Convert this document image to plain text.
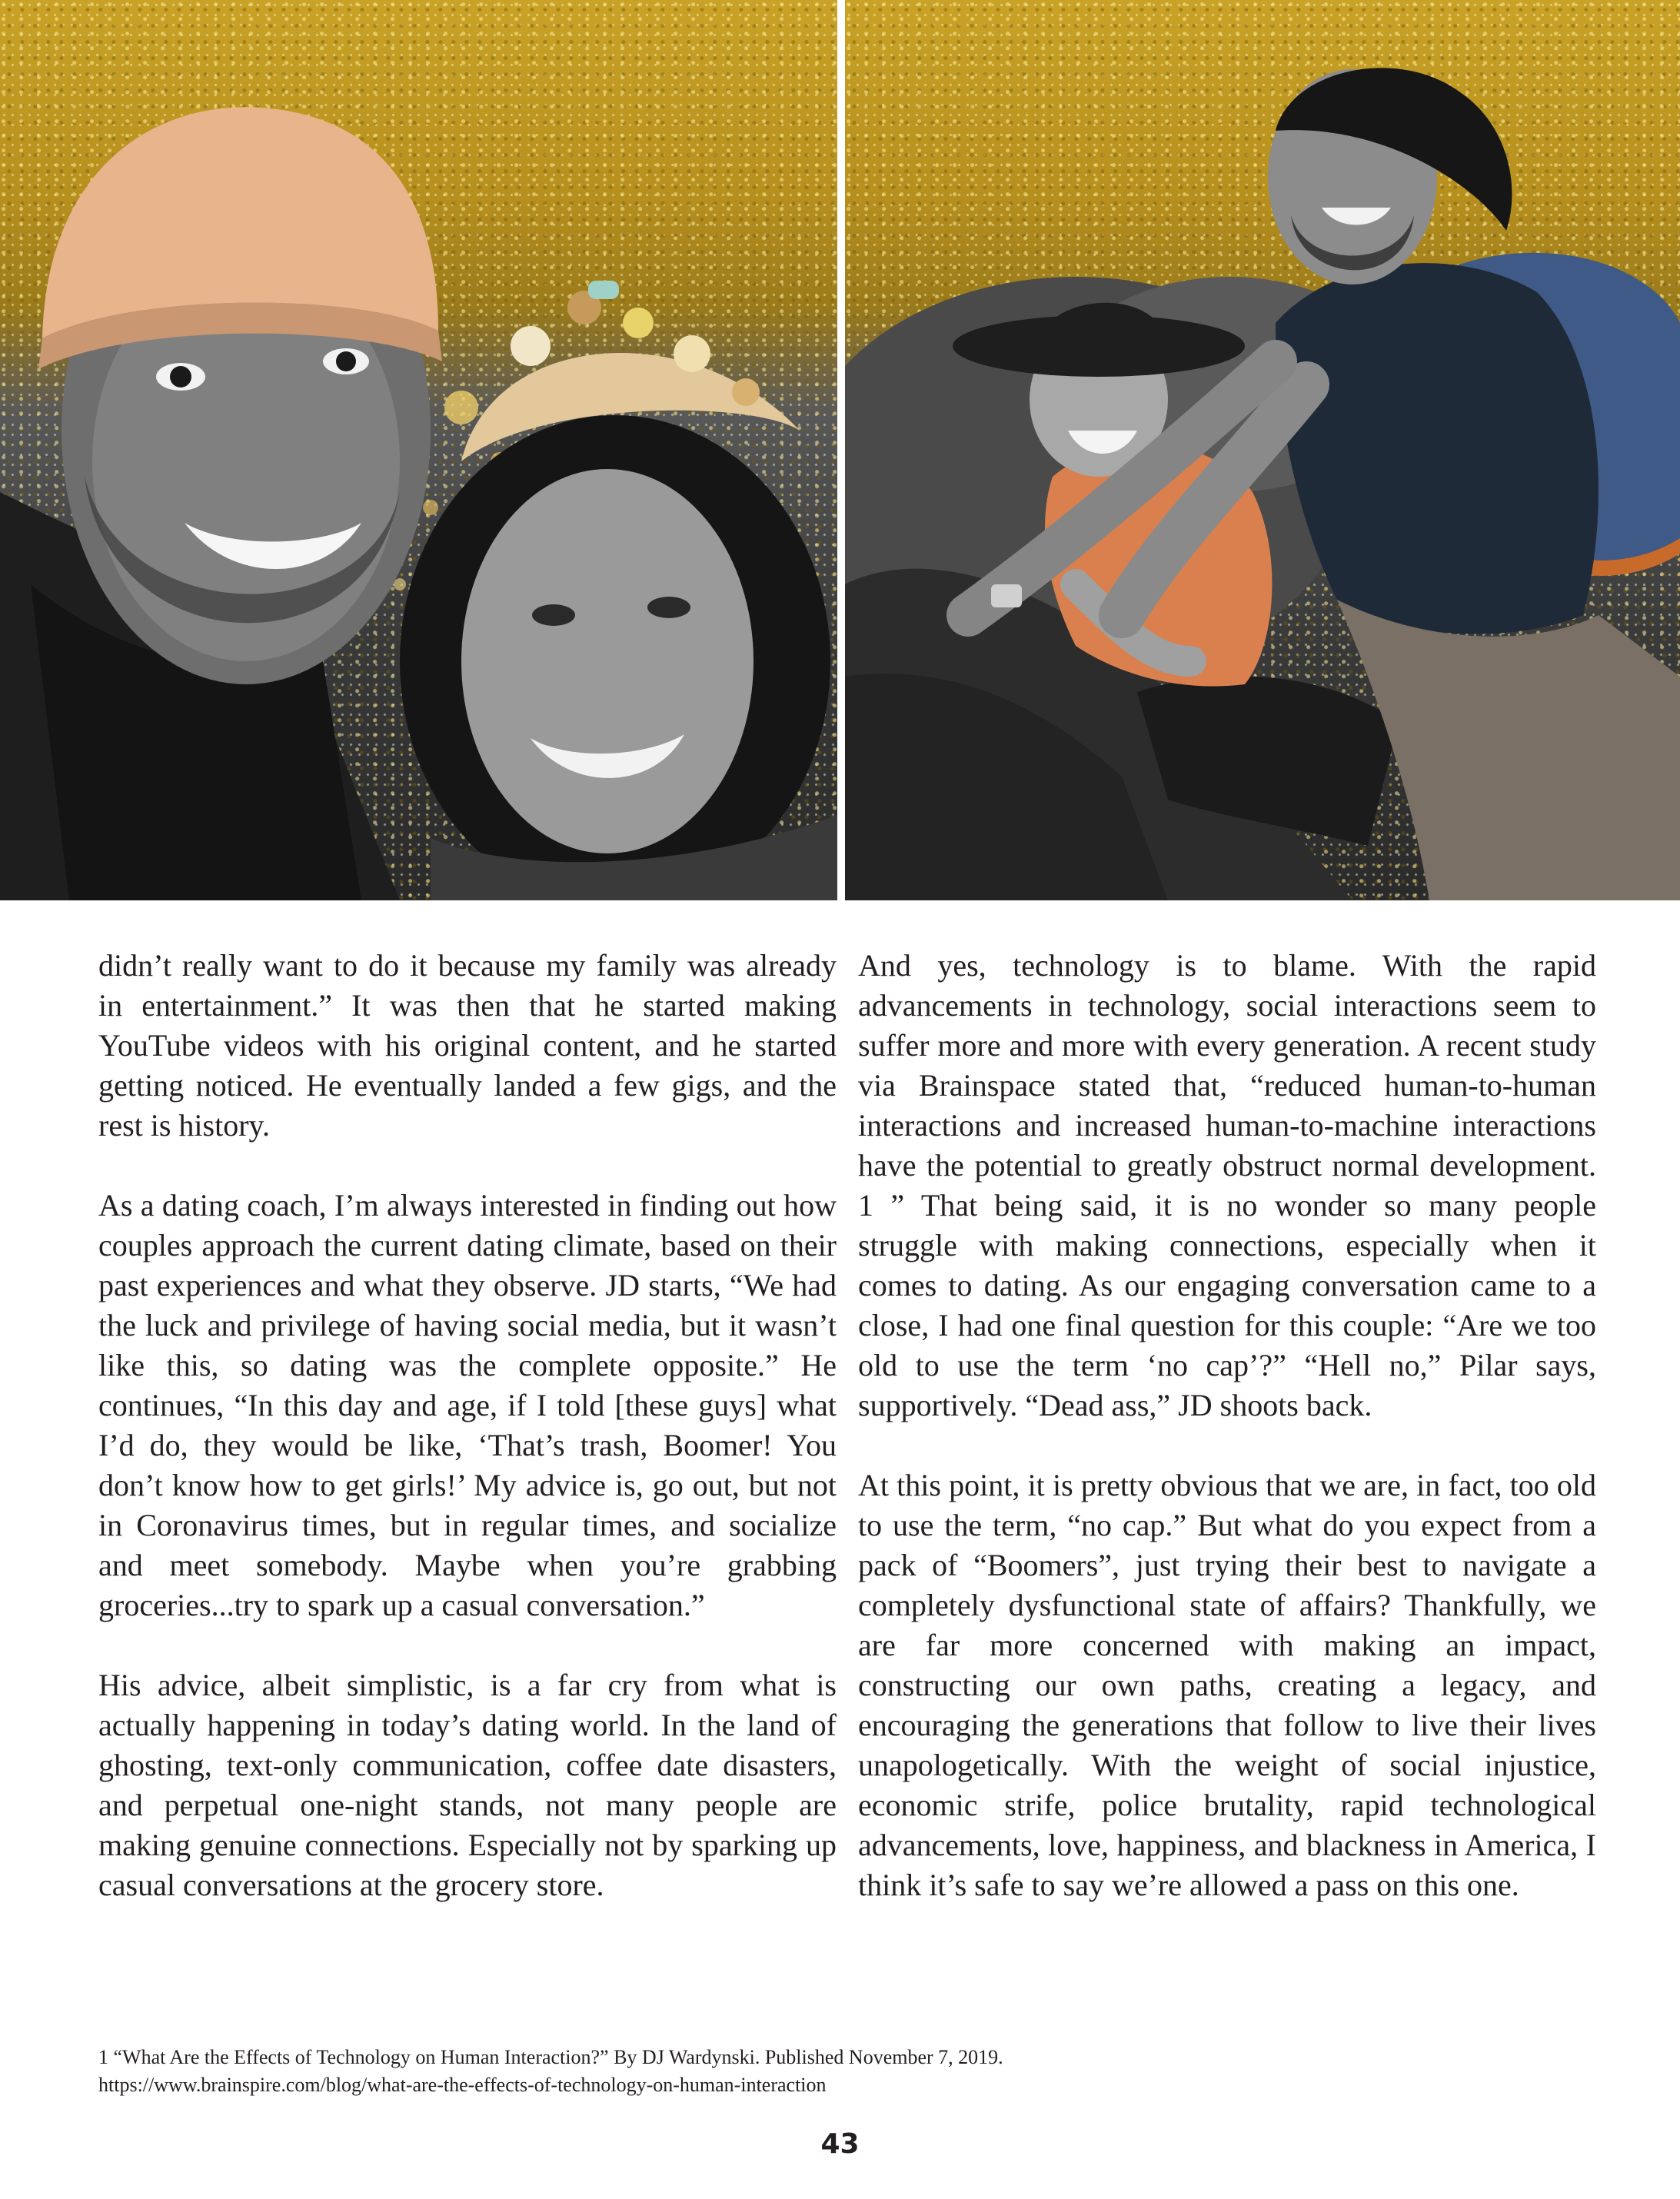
didn’t really want to do it because my family was already in entertainment.” It was then that he started making YouTube videos with his original content, and he started getting noticed. He eventually landed a few gigs, and the rest is history.

As a dating coach, I’m always interested in finding out how couples approach the current dating climate, based on their past experiences and what they observe. JD starts, “We had the luck and privilege of having social media, but it wasn’t like this, so dating was the complete opposite.” He continues, “In this day and age, if I told [these guys] what I’d do, they would be like, ‘That’s trash, Boomer! You don’t know how to get girls!’ My advice is, go out, but not in Coronavirus times, but in regular times, and socialize and meet somebody. Maybe when you’re grabbing groceries...try to spark up a casual conversation.”

His advice, albeit simplistic, is a far cry from what is actually happening in today’s dating world. In the land of ghosting, text-only communication, coffee date disasters, and perpetual one-night stands, not many people are making genuine connections. Especially not by sparking up casual conversations at the grocery store.

And yes, technology is to blame. With the rapid advancements in technology, social interactions seem to suffer more and more with every generation. A recent study via Brainspace stated that, “reduced human-to-human interactions and increased human-to-machine interactions have the potential to greatly obstruct normal development. 1 ” That being said, it is no wonder so many people struggle with making connections, especially when it comes to dating. As our engaging conversation came to a close, I had one final question for this couple: “Are we too old to use the term ‘no cap’?” “Hell no,” Pilar says, supportively. “Dead ass,” JD shoots back.

At this point, it is pretty obvious that we are, in fact, too old to use the term, “no cap.” But what do you expect from a pack of “Boomers”, just trying their best to navigate a completely dysfunctional state of affairs? Thankfully, we are far more concerned with making an impact, constructing our own paths, creating a legacy, and encouraging the generations that follow to live their lives unapologetically. With the weight of social injustice, economic strife, police brutality, rapid technological advancements, love, happiness, and blackness in America, I think it’s safe to say we’re allowed a pass on this one.

1 “What Are the Effects of Technology on Human Interaction?” By DJ Wardynski. Published November 7, 2019.
https://www.brainspire.com/blog/what-are-the-effects-of-technology-on-human-interaction
43
